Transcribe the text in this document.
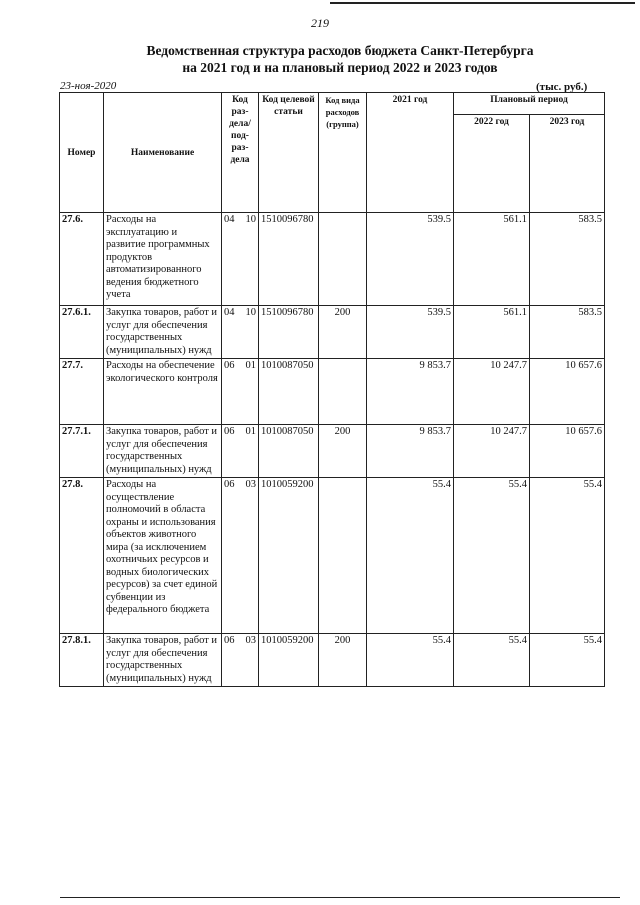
219
Ведомственная структура расходов бюджета Санкт-Петербурга
на 2021 год и на плановый период 2022 и 2023 годов
23-ноя-2020	(тыс. руб.)
Номер	Наименование	Код раз-дела/ под-раз-дела	Код целевой статьи	Код вида расходов (группа)	2021 год	Плановый период	
						2022 год	2023 год
27.6.	Расходы на эксплуатацию и развитие программных продуктов автоматизированного ведения бюджетного учета	04 10	1510096780		539.5	561.1	583.5
27.6.1.	Закупка товаров, работ и услуг для обеспечения государственных (муниципальных) нужд	04 10	1510096780	200	539.5	561.1	583.5
27.7.	Расходы на обеспечение экологического контроля	06 01	1010087050		9 853.7	10 247.7	10 657.6
27.7.1.	Закупка товаров, работ и услуг для обеспечения государственных (муниципальных) нужд	06 01	1010087050	200	9 853.7	10 247.7	10 657.6
27.8.	Расходы на осуществление полномочий в областа охраны и использования объектов животного мира (за исключением охотничьих ресурсов и водных биологических ресурсов) за счет единой субвенции из федерального бюджета	06 03	1010059200		55.4	55.4	55.4
27.8.1.	Закупка товаров, работ и услуг для обеспечения государственных (муниципальных) нужд	06 03	1010059200	200	55.4	55.4	55.4
